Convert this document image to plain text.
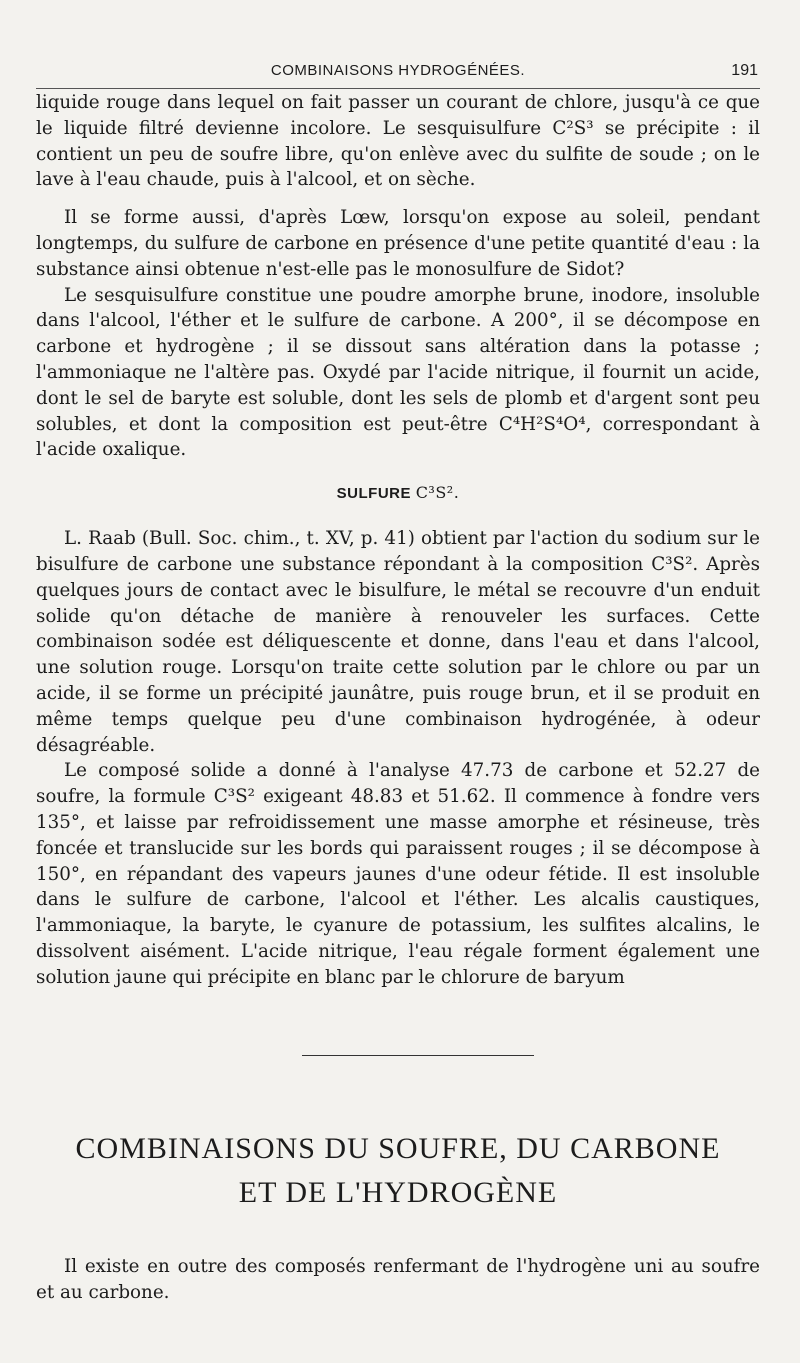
COMBINAISONS HYDROGÉNÉES.	191

liquide rouge dans lequel on fait passer un courant de chlore, jusqu'à ce que le liquide filtré devienne incolore. Le sesquisulfure C²S³ se précipite : il contient un peu de soufre libre, qu'on enlève avec du sulfite de soude ; on le lave à l'eau chaude, puis à l'alcool, et on sèche.

Il se forme aussi, d'après Lœw, lorsqu'on expose au soleil, pendant longtemps, du sulfure de carbone en présence d'une petite quantité d'eau : la substance ainsi obtenue n'est-elle pas le monosulfure de Sidot?

Le sesquisulfure constitue une poudre amorphe brune, inodore, insoluble dans l'alcool, l'éther et le sulfure de carbone. A 200°, il se décompose en carbone et hydrogène ; il se dissout sans altération dans la potasse ; l'ammoniaque ne l'altère pas. Oxydé par l'acide nitrique, il fournit un acide, dont le sel de baryte est soluble, dont les sels de plomb et d'argent sont peu solubles, et dont la composition est peut-être C⁴H²S⁴O⁴, correspondant à l'acide oxalique.

SULFURE C³S².

L. Raab (Bull. Soc. chim., t. XV, p. 41) obtient par l'action du sodium sur le bisulfure de carbone une substance répondant à la composition C³S². Après quelques jours de contact avec le bisulfure, le métal se recouvre d'un enduit solide qu'on détache de manière à renouveler les surfaces. Cette combinaison sodée est déliquescente et donne, dans l'eau et dans l'alcool, une solution rouge. Lorsqu'on traite cette solution par le chlore ou par un acide, il se forme un précipité jaunâtre, puis rouge brun, et il se produit en même temps quelque peu d'une combinaison hydrogénée, à odeur désagréable.

Le composé solide a donné à l'analyse 47.73 de carbone et 52.27 de soufre, la formule C³S² exigeant 48.83 et 51.62. Il commence à fondre vers 135°, et laisse par refroidissement une masse amorphe et résineuse, très foncée et translucide sur les bords qui paraissent rouges ; il se décompose à 150°, en répandant des vapeurs jaunes d'une odeur fétide. Il est insoluble dans le sulfure de carbone, l'alcool et l'éther. Les alcalis caustiques, l'ammoniaque, la baryte, le cyanure de potassium, les sulfites alcalins, le dissolvent aisément. L'acide nitrique, l'eau régale forment également une solution jaune qui précipite en blanc par le chlorure de baryum

COMBINAISONS DU SOUFRE, DU CARBONE
ET DE L'HYDROGÈNE

Il existe en outre des composés renfermant de l'hydrogène uni au soufre et au carbone.
